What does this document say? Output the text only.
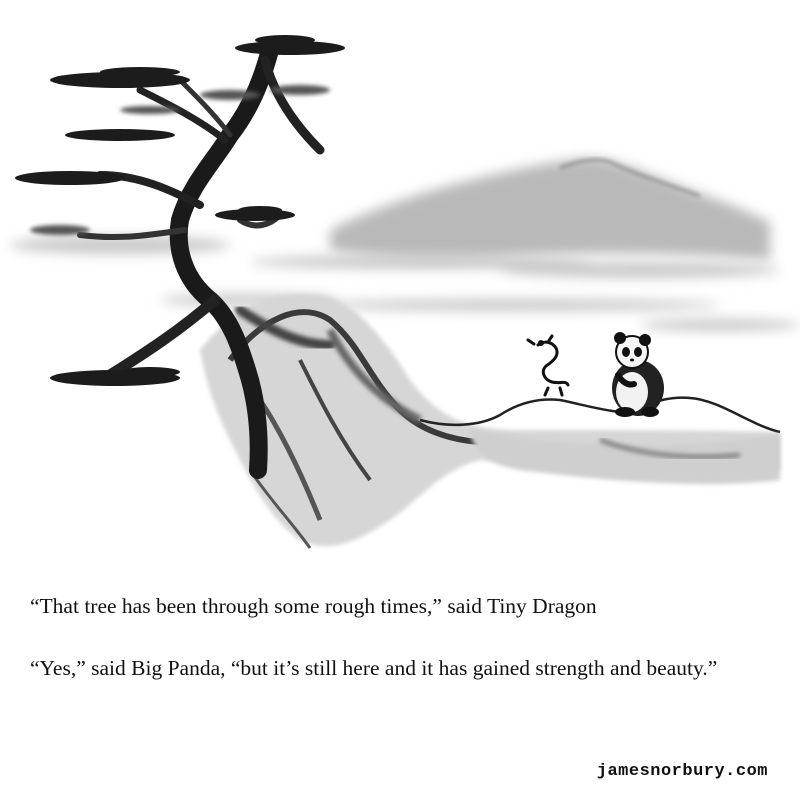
“That tree has been through some rough times,” said Tiny Dragon
“Yes,” said Big Panda, “but it’s still here and it has gained strength and beauty.”
jamesnorbury.com
